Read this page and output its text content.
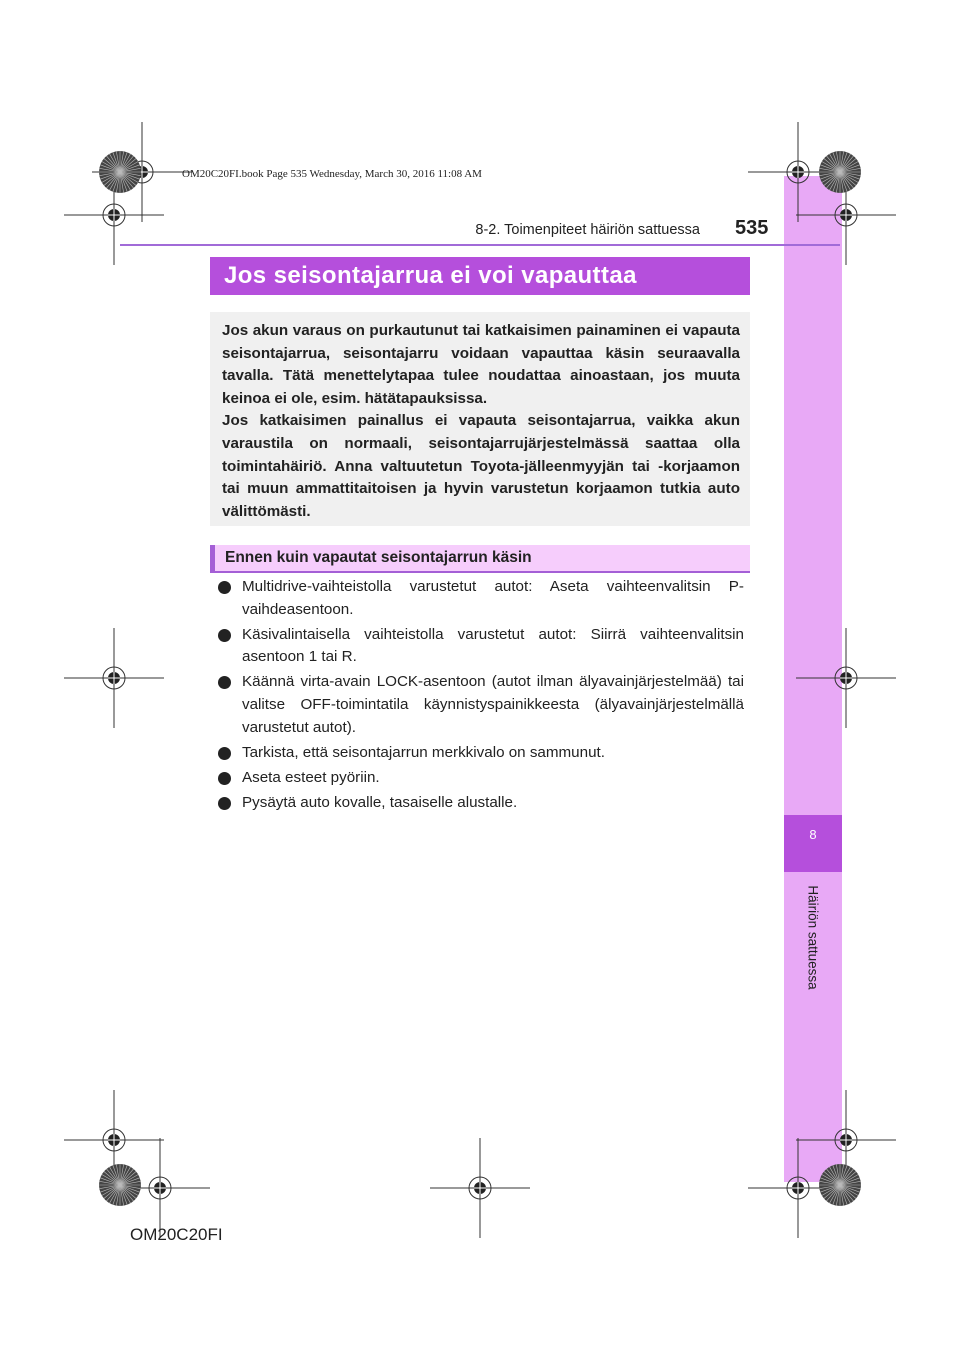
8
Häiriön sattuessa
OM20C20FI.book Page 535 Wednesday, March 30, 2016 11:08 AM
8-2. Toimenpiteet häiriön sattuessa 535
Jos seisontajarrua ei voi vapauttaa

Jos akun varaus on purkautunut tai katkaisimen painaminen ei vapauta seisontajarrua, seisontajarru voidaan vapauttaa käsin seuraavalla tavalla. Tätä menettelytapaa tulee noudattaa ainoastaan, jos muuta keinoa ei ole, esim. hätätapauksissa.

Jos katkaisimen painallus ei vapauta seisontajarrua, vaikka akun varaustila on normaali, seisontajarrujärjestelmässä saattaa olla toimintahäiriö. Anna valtuutetun Toyota-jälleenmyyjän tai -korjaamon tai muun ammattitaitoisen ja hyvin varustetun korjaamon tutkia auto välittömästi.

Ennen kuin vapautat seisontajarrun käsin
Multidrive-vaihteistolla varustetut autot: Aseta vaihteenvalitsin P-vaihdeasentoon.
Käsivalintaisella vaihteistolla varustetut autot: Siirrä vaihteenvalitsin asentoon 1 tai R.
Käännä virta-avain LOCK-asentoon (autot ilman älyavainjärjestelmää) tai valitse OFF-toimintatila käynnistyspainikkeesta (älyavainjärjestelmällä varustetut autot).
Tarkista, että seisontajarrun merkkivalo on sammunut.
Aseta esteet pyöriin.
Pysäytä auto kovalle, tasaiselle alustalle.
OM20C20FI
